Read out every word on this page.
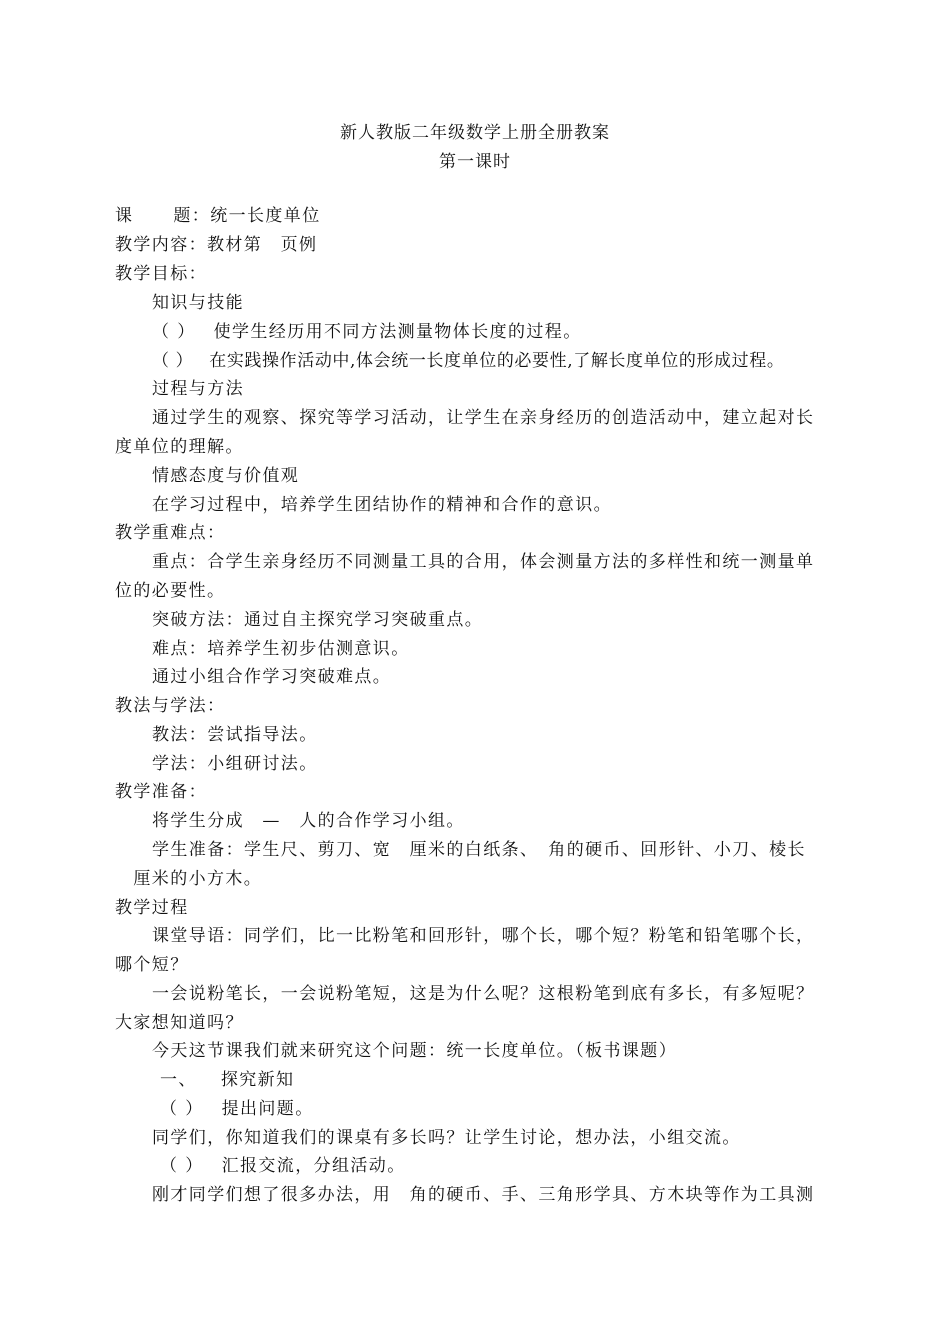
新人教版二年级数学上册全册教案
第一课时
课 题：统一长度单位
教学内容：教材第　页例
教学目标：
知识与技能
（ ） 使学生经历用不同方法测量物体长度的过程。
（ ） 在实践操作活动中,体会统一长度单位的必要性,了解长度单位的形成过程。
过程与方法
通过学生的观察、探究等学习活动，让学生在亲身经历的创造活动中，建立起对长
度单位的理解。
情感态度与价值观
在学习过程中，培养学生团结协作的精神和合作的意识。
教学重难点：
重点：合学生亲身经历不同测量工具的合用，体会测量方法的多样性和统一测量单
位的必要性。
突破方法：通过自主探究学习突破重点。
难点：培养学生初步估测意识。
通过小组合作学习突破难点。
教法与学法：
教法：尝试指导法。
学法：小组研讨法。
教学准备：
将学生分成　—　人的合作学习小组。
学生准备：学生尺、剪刀、宽　厘米的白纸条、　角的硬币、回形针、小刀、棱长
　厘米的小方木。
教学过程
课堂导语：同学们，比一比粉笔和回形针，哪个长，哪个短？粉笔和铅笔哪个长，
哪个短？
一会说粉笔长，一会说粉笔短，这是为什么呢？这根粉笔到底有多长，有多短呢？
大家想知道吗？
今天这节课我们就来研究这个问题：统一长度单位。（板书课题）
一、 探究新知
（ ） 提出问题。
同学们，你知道我们的课桌有多长吗？让学生讨论，想办法，小组交流。
（ ） 汇报交流，分组活动。
刚才同学们想了很多办法，用　角的硬币、手、三角形学具、方木块等作为工具测
